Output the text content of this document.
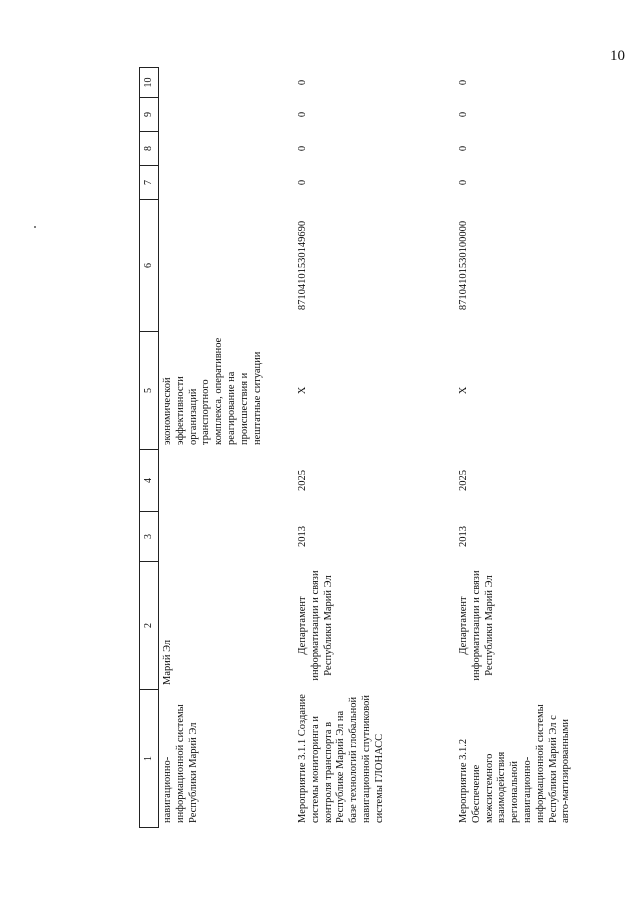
10
1	2	3	4	5	6	7	8	9	10
навигационно-информационной системы Республики Марий Эл	Марий Эл			экономической эффективности организаций транспортного комплекса, оперативное реагирование на происшествия и нештатные ситуации					
Мероприятие 3.1.1 Создание системы мониторинга и контроля транспорта в Республике Марий Эл на базе технологий глобальной навигационной спутниковой системы ГЛОНАСС	Департамент информатизации и связи Республики Марий Эл	2013	2025	Х	87104101530149690	0	0	0	0
Мероприятие 3.1.2 Обеспечение межсистемного взаимодействия региональной навигационно-информационной системы Республики Марий Эл с авто-матизированными	Департамент информатизации и связи Республики Марий Эл	2013	2025	Х	87104101530100000	0	0	0	0
